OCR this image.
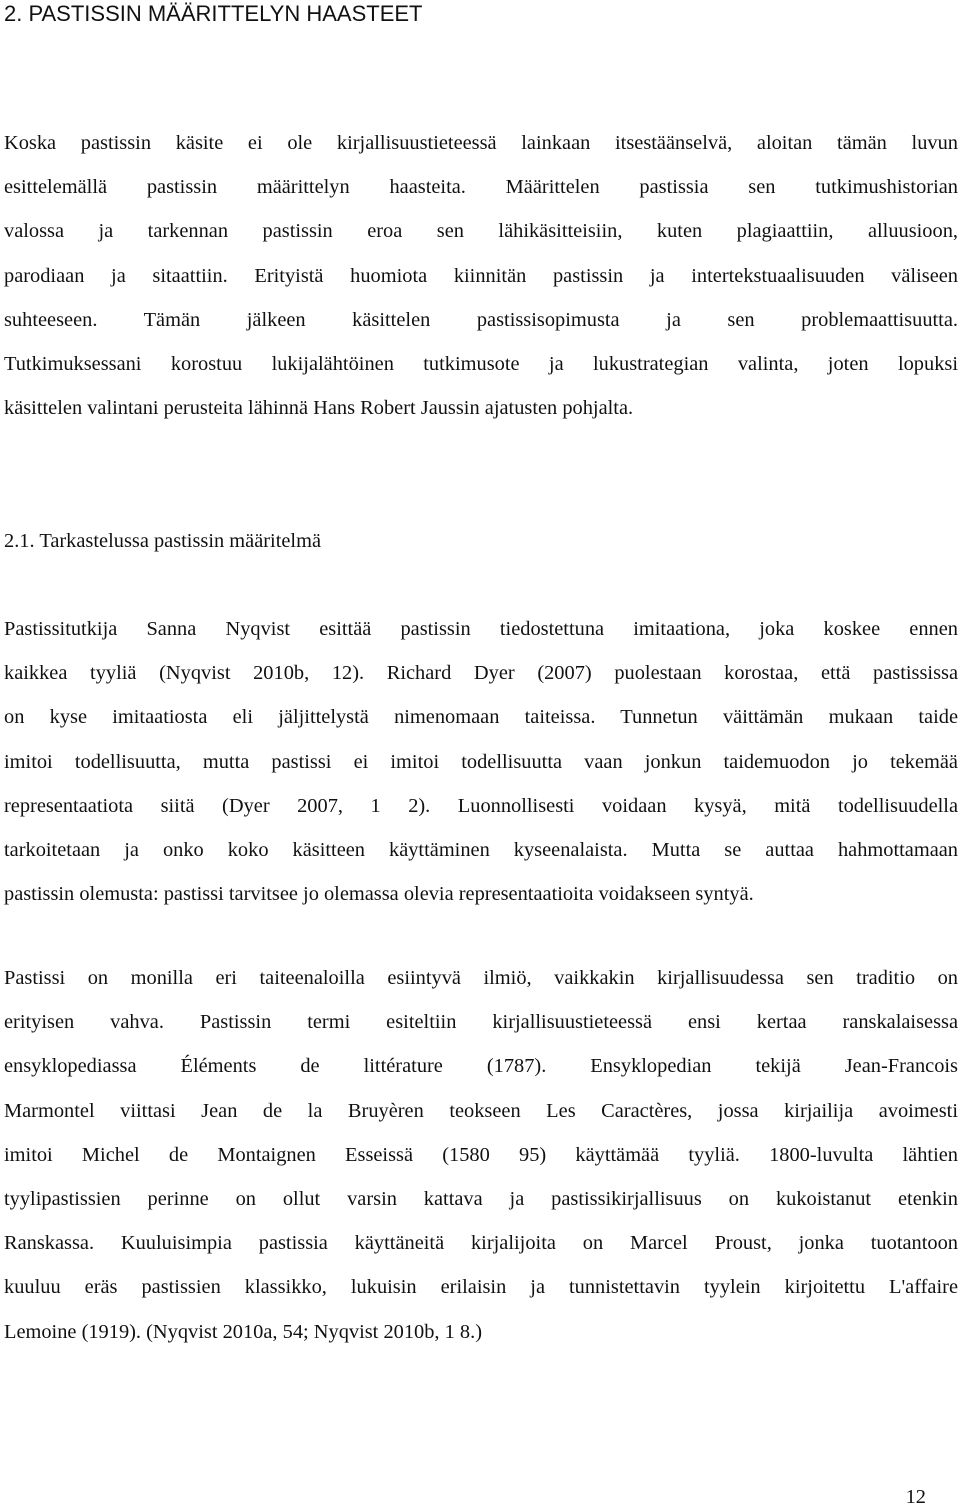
2. PASTISSIN MÄÄRITTELYN HAASTEET

Koska pastissin käsite ei ole kirjallisuustieteessä lainkaan itsestäänselvä, aloitan tämän luvun
esittelemällä pastissin määrittelyn haasteita. Määrittelen pastissia sen tutkimushistorian
valossa ja tarkennan pastissin eroa sen lähikäsitteisiin, kuten plagiaattiin, alluusioon,
parodiaan ja sitaattiin. Erityistä huomiota kiinnitän pastissin ja intertekstuaalisuuden väliseen
suhteeseen. Tämän jälkeen käsittelen pastissisopimusta ja sen problemaattisuutta.
Tutkimuksessani korostuu lukijalähtöinen tutkimusote ja lukustrategian valinta, joten lopuksi
käsittelen valintani perusteita lähinnä Hans Robert Jaussin ajatusten pohjalta.

2.1. Tarkastelussa pastissin määritelmä

Pastissitutkija Sanna Nyqvist esittää pastissin tiedostettuna imitaationa, joka koskee ennen
kaikkea tyyliä (Nyqvist 2010b, 12). Richard Dyer (2007) puolestaan korostaa, että pastississa
on kyse imitaatiosta eli jäljittelystä nimenomaan taiteissa. Tunnetun väittämän mukaan taide
imitoi todellisuutta, mutta pastissi ei imitoi todellisuutta vaan jonkun taidemuodon jo tekemää
representaatiota siitä (Dyer 2007, 1 2). Luonnollisesti voidaan kysyä, mitä todellisuudella
tarkoitetaan ja onko koko käsitteen käyttäminen kyseenalaista. Mutta se auttaa hahmottamaan
pastissin olemusta: pastissi tarvitsee jo olemassa olevia representaatioita voidakseen syntyä.

Pastissi on monilla eri taiteenaloilla esiintyvä ilmiö, vaikkakin kirjallisuudessa sen traditio on
erityisen vahva. Pastissin termi esiteltiin kirjallisuustieteessä ensi kertaa ranskalaisessa
ensyklopediassa Éléments de littérature (1787). Ensyklopedian tekijä Jean-Francois
Marmontel viittasi Jean de la Bruyèren teokseen Les Caractères, jossa kirjailija avoimesti
imitoi Michel de Montaignen Esseissä (1580 95) käyttämää tyyliä. 1800-luvulta lähtien
tyylipastissien perinne on ollut varsin kattava ja pastissikirjallisuus on kukoistanut etenkin
Ranskassa. Kuuluisimpia pastissia käyttäneitä kirjalijoita on Marcel Proust, jonka tuotantoon
kuuluu eräs pastissien klassikko, lukuisin erilaisin ja tunnistettavin tyylein kirjoitettu L'affaire
Lemoine (1919). (Nyqvist 2010a, 54; Nyqvist 2010b, 1 8.)

12
